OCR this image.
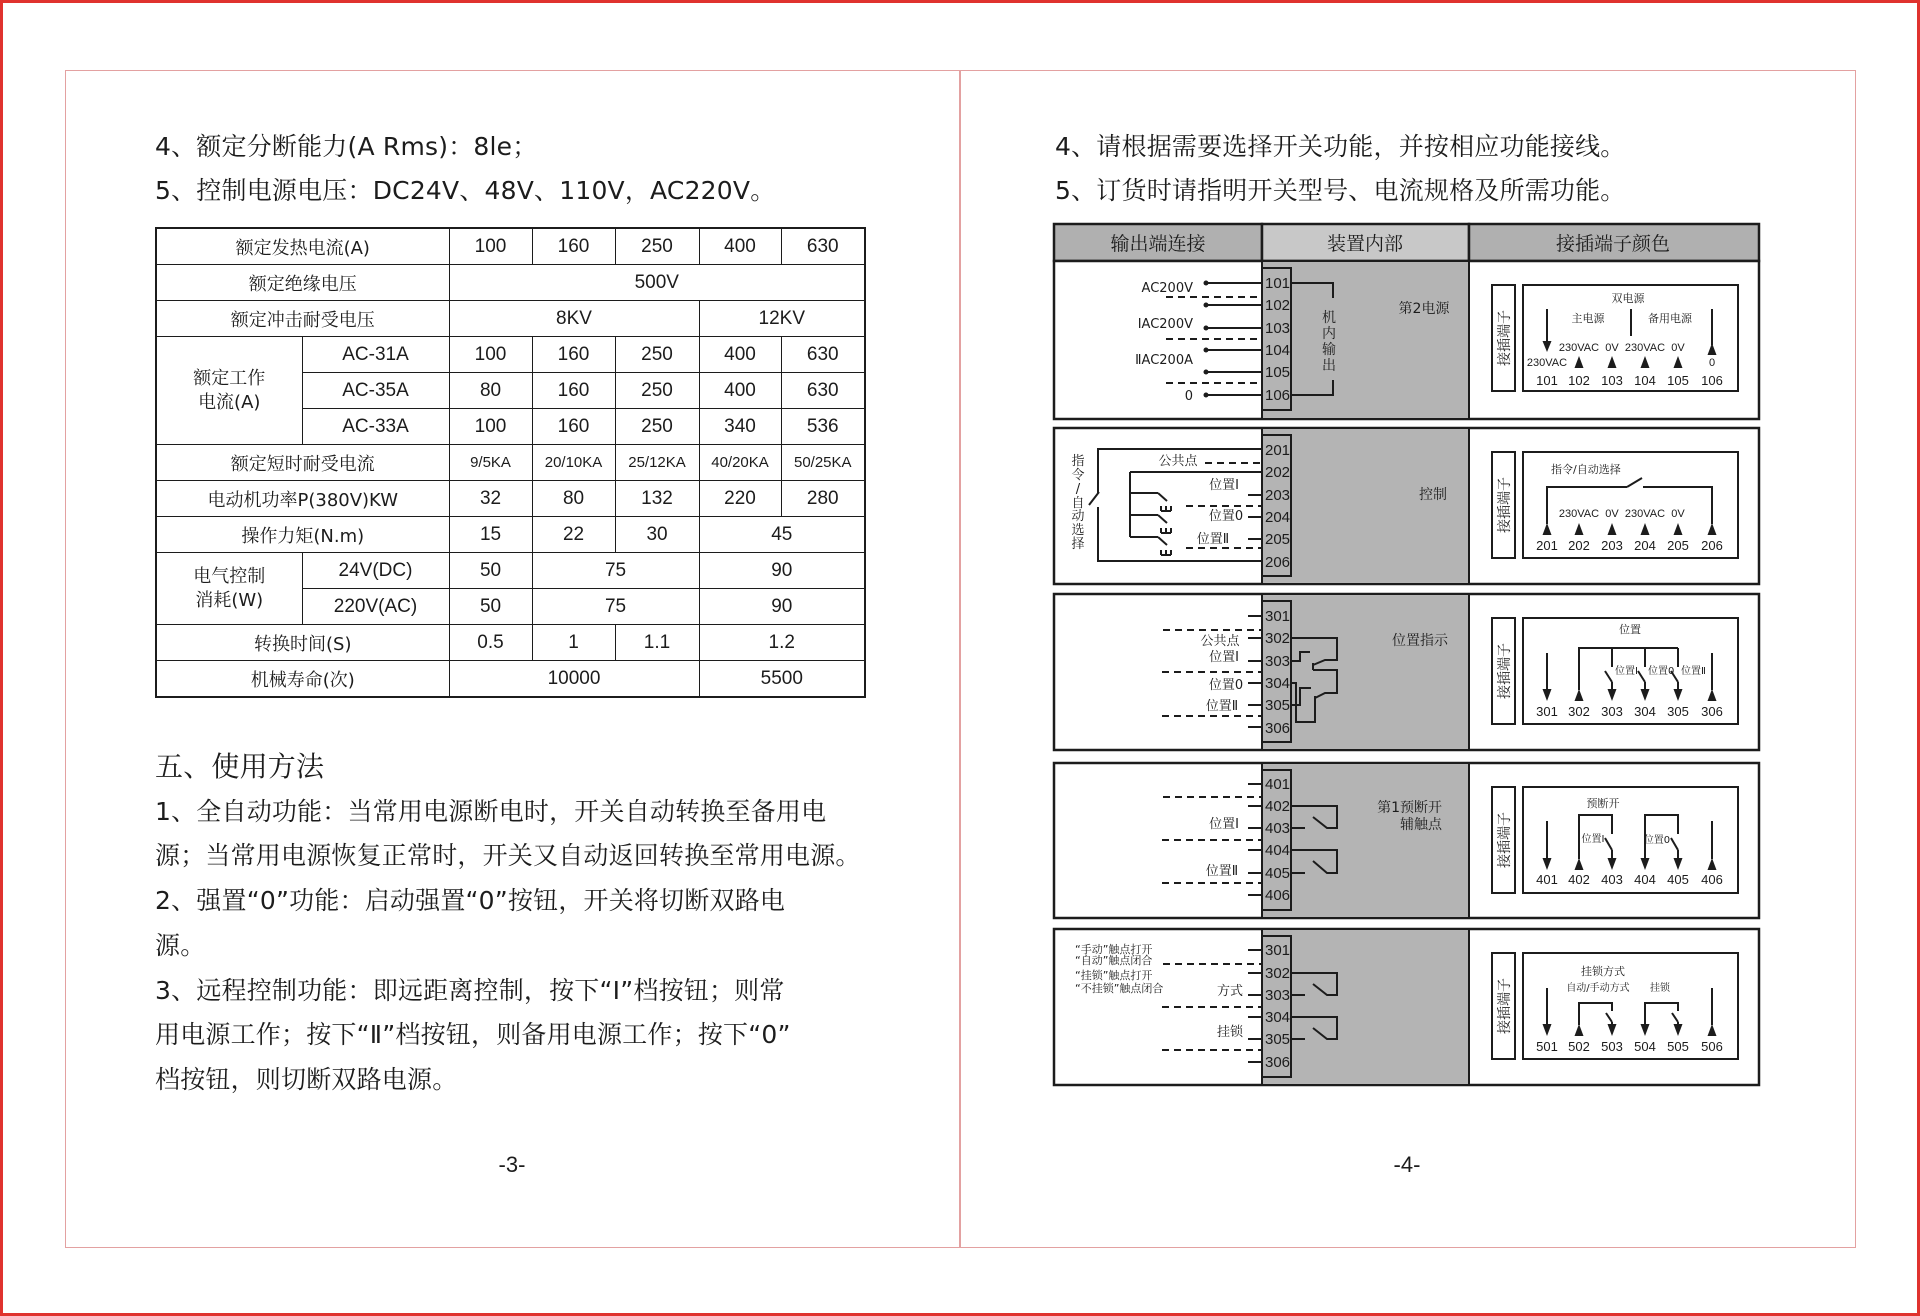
4、额定分断能力(A Rms)：8le；
5、控制电源电压：DC24V、48V、110V，AC220V。
额定发热电流(A)		100	160	250	400	630
额定绝缘电压		500V				
额定冲击耐受电压		8KV			12KV	

额定工作
电流(A)	AC-31A	100	160	250	400	630
	AC-35A	80	160	250	400	630
	AC-33A	100	160	250	340	536
额定短时耐受电流		9/5KA	20/10KA	25/12KA	40/20KA	50/25KA
电动机功率P(380V)KW		32	80	132	220	280
操作力矩(N.m)		15	22	30	45	

电气控制
消耗(W)	24V(DC)	50	75		90	
	220V(AC)	50	75		90	
转换时间(S)		0.5	1	1.1	1.2	
机械寿命(次)		10000			5500	
五、使用方法
1、全自动功能：当常用电源断电时，开关自动转换至备用电
源；当常用电源恢复正常时，开关又自动返回转换至常用电源。
2、强置“0”功能：启动强置“0”按钮，开关将切断双路电
源。
3、远程控制功能：即远距离控制，按下“Ⅰ”档按钮；则常
用电源工作；按下“Ⅱ”档按钮，则备用电源工作；按下“0”
档按钮，则切断双路电源。
-3-
4、请根据需要选择开关功能，并按相应功能接线。
5、订货时请指明开关型号、电流规格及所需功能。
输出端连接	装置内部	接插端子颜色
101
102
103
104
105
106
AC200V
ⅠAC200V
ⅡAC200A
0
机
内
输
出
第2电源
接插端子
双电源
主电源	备用电源
230VAC
230VAC 0V 230VAC 0V
0
101 102 103 104 105 106
201
202
203
204
205
206
指
令
/
自
动
选
择
公共点
位置Ⅰ
位置0
位置Ⅱ
控制	接插端子
指令/自动选择
230VAC 0V 230VAC 0V
201 202 203 204 205 206
301
302
303
304
305
306
公共点
位置Ⅰ
位置0
位置Ⅱ
位置指示
接插端子
位置
位置Ⅰ 位置0 位置Ⅱ
301 302 303 304 305 306
401
402
403
404
405
406
位置Ⅰ
位置Ⅱ
第1预断开
辅触点	接插端子
预断开
位置Ⅰ	位置0
401 402 403 404 405 406
301
302
303
304
305
306
“手动”触点打开
“自动”触点闭合
“挂锁”触点打开
“不挂锁”触点闭合	方式
挂锁	接插端子
挂锁方式
自动/手动方式 挂锁
501 502 503 504 505 506
-4-
